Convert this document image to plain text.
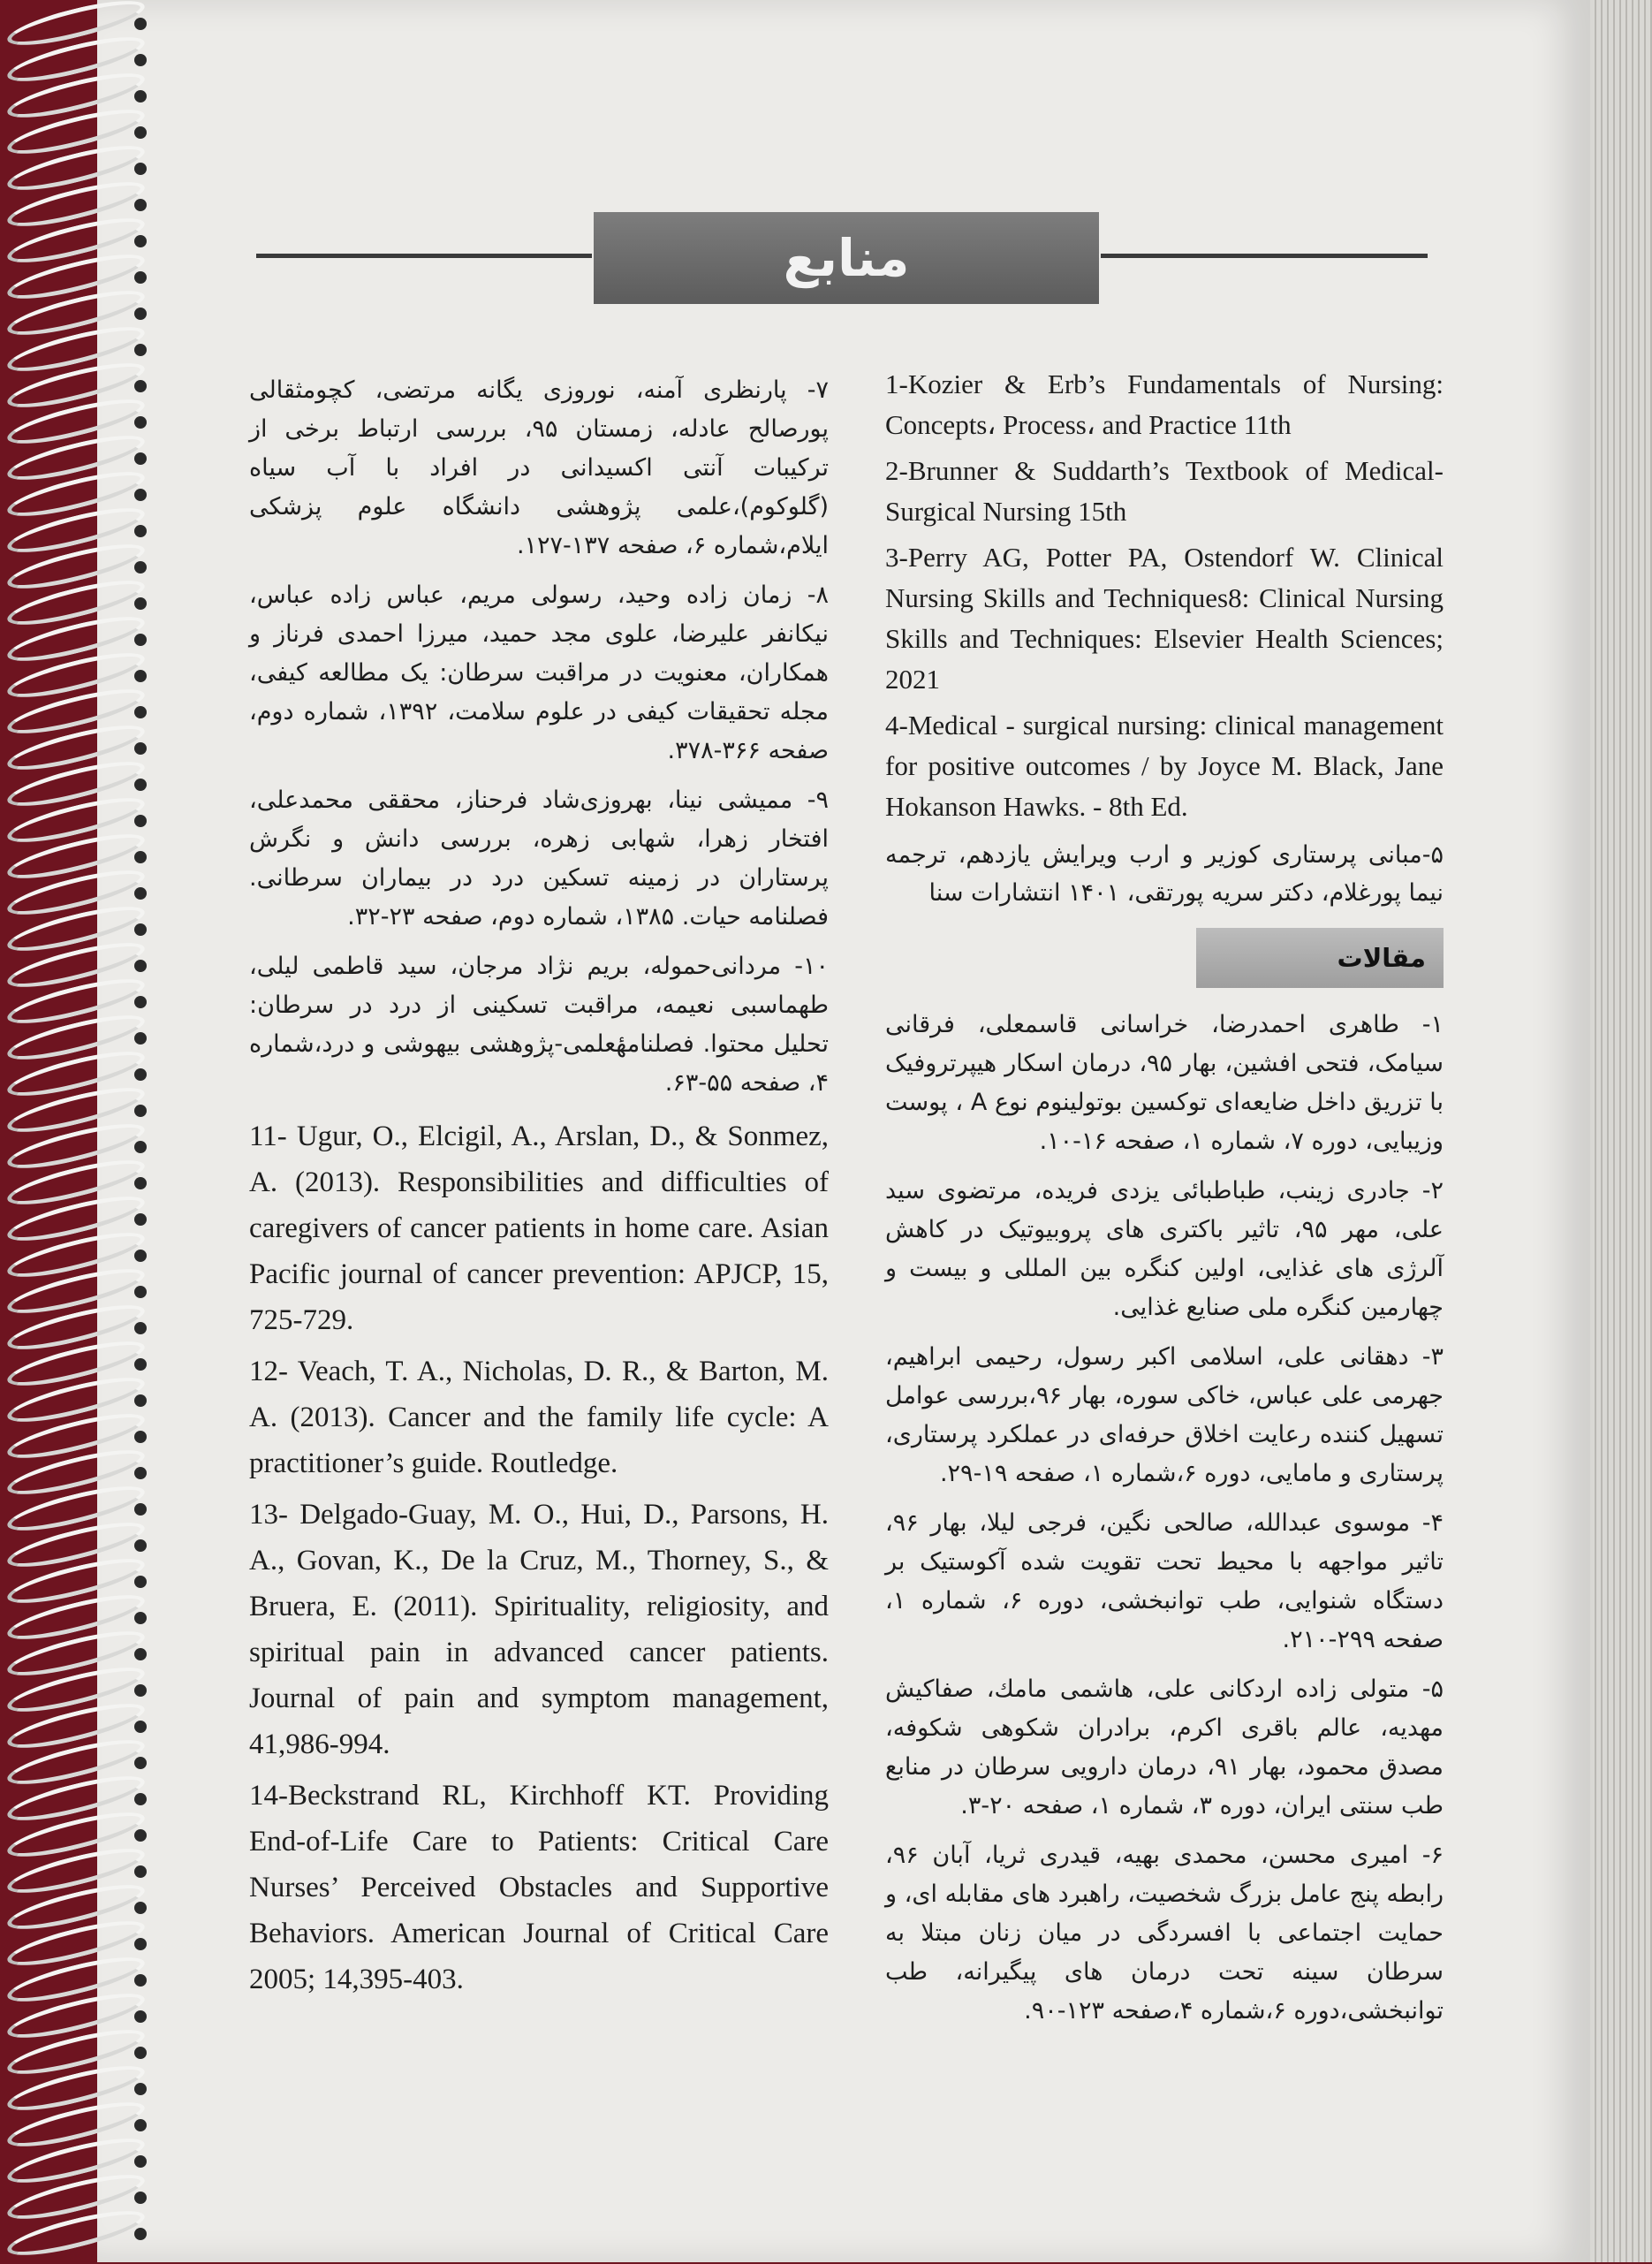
منابع

۷- پارنظری آمنه، نوروزی یگانه مرتضی، کچومثقالی پورصالح عادله، زمستان ۹۵، بررسی ارتباط برخی از ترکیبات آنتی اکسیدانی در افراد با آب سیاه (گلوکوم)،علمی پژوهشی دانشگاه علوم پزشکی ایلام،شماره ۶، صفحه ۱۳۷-۱۲۷.

۸- زمان زاده وحید، رسولی مریم، عباس زاده عباس، نیکانفر علیرضا، علوی مجد حمید، میرزا احمدی فرناز و همکاران، معنویت در مراقبت سرطان: یک مطالعه کیفی، مجله تحقیقات کیفی در علوم سلامت، ۱۳۹۲، شماره دوم، صفحه ۳۶۶-۳۷۸.

۹- ممیشی نینا، بهروزی‌شاد فرحناز، محققی محمدعلی، افتخار زهرا، شهابی زهره، بررسی دانش و نگرش پرستاران در زمینه تسکین درد در بیماران سرطانی. فصلنامه حیات. ۱۳۸۵، شماره دوم، صفحه ۲۳-۳۲.

۱۰- مردانی‌حموله، بریم نژاد مرجان، سید قاطمی لیلی، طهماسبی نعیمه، مراقبت تسکینی از درد در سرطان: تحلیل محتوا. فصلنامهٔعلمی-پژوهشی بیهوشی و درد،شماره ۴، صفحه ۵۵-۶۳.

11- Ugur, O., Elcigil, A., Arslan, D., & Sonmez, A. (2013). Responsibilities and difficulties of caregivers of cancer patients in home care. Asian Pacific journal of cancer prevention: APJCP, 15, 725-729.

12- Veach, T. A., Nicholas, D. R., & Barton, M. A. (2013). Cancer and the family life cycle: A practitioner’s guide. Routledge.

13- Delgado-Guay, M. O., Hui, D., Parsons, H. A., Govan, K., De la Cruz, M., Thorney, S., & Bruera, E. (2011). Spirituality, religiosity, and spiritual pain in advanced cancer patients. Journal of pain and symptom management, 41,986-994.

14-Beckstrand RL, Kirchhoff KT. Providing End-of-Life Care to Patients: Critical Care Nurses’ Perceived Obstacles and Supportive Behaviors. American Journal of Critical Care 2005; 14,395-403.

1-Kozier & Erb’s Fundamentals of Nursing: Concepts، Process، and Practice 11th

2-Brunner & Suddarth’s Textbook of Medical-Surgical Nursing 15th

3-Perry AG, Potter PA, Ostendorf W. Clinical Nursing Skills and Techniques8: Clinical Nursing Skills and Techniques: Elsevier Health Sciences; 2021

4-Medical - surgical nursing: clinical management for positive outcomes / by Joyce M. Black, Jane Hokanson Hawks. - 8th Ed.

۵-مبانی پرستاری کوزیر و ارب ویرایش یازدهم، ترجمه نیما پورغلام، دکتر سریه پورتقی، ۱۴۰۱ انتشارات سنا
مقالات

۱- طاهری احمدرضا، خراسانی قاسمعلی، فرقانی سیامک، فتحی افشین، بهار ۹۵، درمان اسکار هیپرتروفیک با تزریق داخل ضایعه‌ای توکسین بوتولینوم نوع A ، پوست وزیبایی، دوره ۷، شماره ۱، صفحه ۱۶-۱۰.

۲- جادری زینب، طباطبائی یزدی فریده، مرتضوی سید علی، مهر ۹۵، تاثیر باکتری های پروبیوتیک در کاهش آلرژی های غذایی، اولین کنگره بین المللی و بیست و چهارمین کنگره ملی صنایع غذایی.

۳- دهقانی علی، اسلامی اکبر رسول، رحیمی ابراهیم، جهرمی علی عباس، خاکی سوره، بهار ۹۶،بررسی عوامل تسهیل کننده رعایت اخلاق حرفه‌ای در عملکرد پرستاری، پرستاری و مامایی، دوره ۶،شماره ۱، صفحه ۱۹-۲۹.

۴- موسوی عبدالله، صالحی نگین، فرجی لیلا، بهار ۹۶، تاثیر مواجهه با محیط تحت تقویت شده آکوستیک بر دستگاه شنوایی، طب توانبخشی، دوره ۶، شماره ۱، صفحه ۲۹۹-۲۱۰.

۵- متولی زاده اردکانی علی، هاشمی مامك، صفاکیش مهدیه، عالم باقری اکرم، برادران شکوهی شکوفه، مصدق محمود، بهار ۹۱، درمان دارویی سرطان در منابع طب سنتی ایران، دوره ۳، شماره ۱، صفحه ۲۰-۳.

۶- امیری محسن، محمدی بهیه، قیدری ثریا، آبان ۹۶، رابطه پنج عامل بزرگ شخصیت، راهبرد های مقابله ای، و حمایت اجتماعی با افسردگی در میان زنان مبتلا به سرطان سینه تحت درمان های پیگیرانه، طب توانبخشی،دوره ۶،شماره ۴،صفحه ۱۲۳-۹۰.
